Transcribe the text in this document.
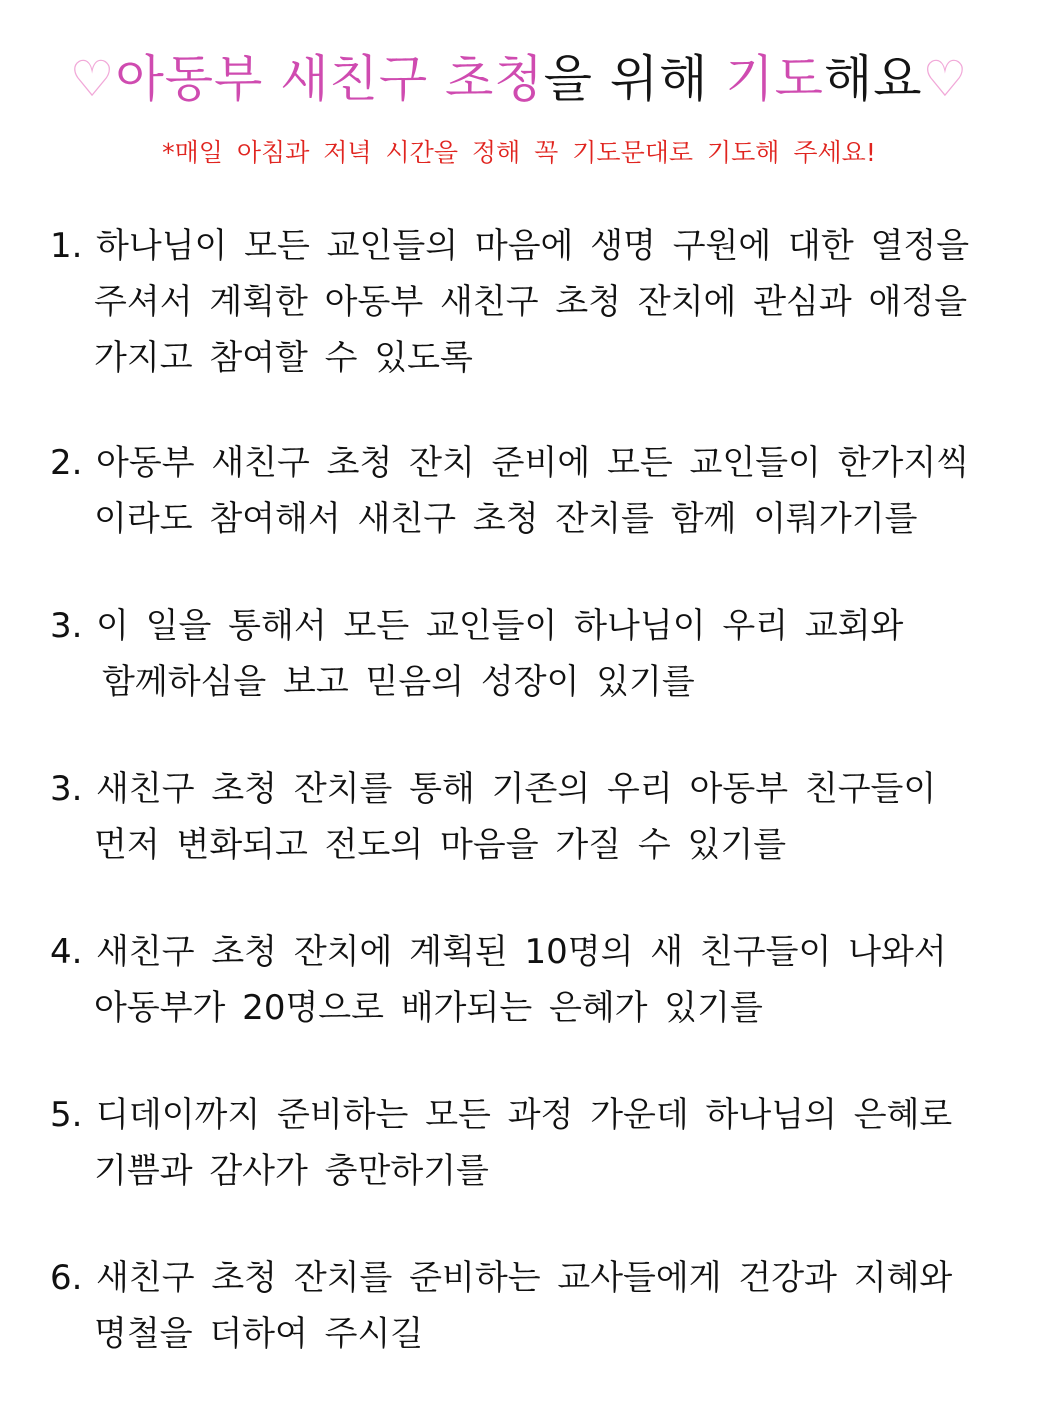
♡아동부 새친구 초청을 위해 기도해요♡
*매일 아침과 저녁 시간을 정해 꼭 기도문대로 기도해 주세요!
1. 하나님이 모든 교인들의 마음에 생명 구원에 대한 열정을
주셔서 계획한 아동부 새친구 초청 잔치에 관심과 애정을
가지고 참여할 수 있도록
2. 아동부 새친구 초청 잔치 준비에 모든 교인들이 한가지씩
이라도 참여해서 새친구 초청 잔치를 함께 이뤄가기를
3. 이 일을 통해서 모든 교인들이 하나님이 우리 교회와
함께하심을 보고 믿음의 성장이 있기를
3. 새친구 초청 잔치를 통해 기존의 우리 아동부 친구들이
먼저 변화되고 전도의 마음을 가질 수 있기를
4. 새친구 초청 잔치에 계획된 10명의 새 친구들이 나와서
아동부가 20명으로 배가되는 은혜가 있기를
5. 디데이까지 준비하는 모든 과정 가운데 하나님의 은혜로
기쁨과 감사가 충만하기를
6. 새친구 초청 잔치를 준비하는 교사들에게 건강과 지혜와
명철을 더하여 주시길
